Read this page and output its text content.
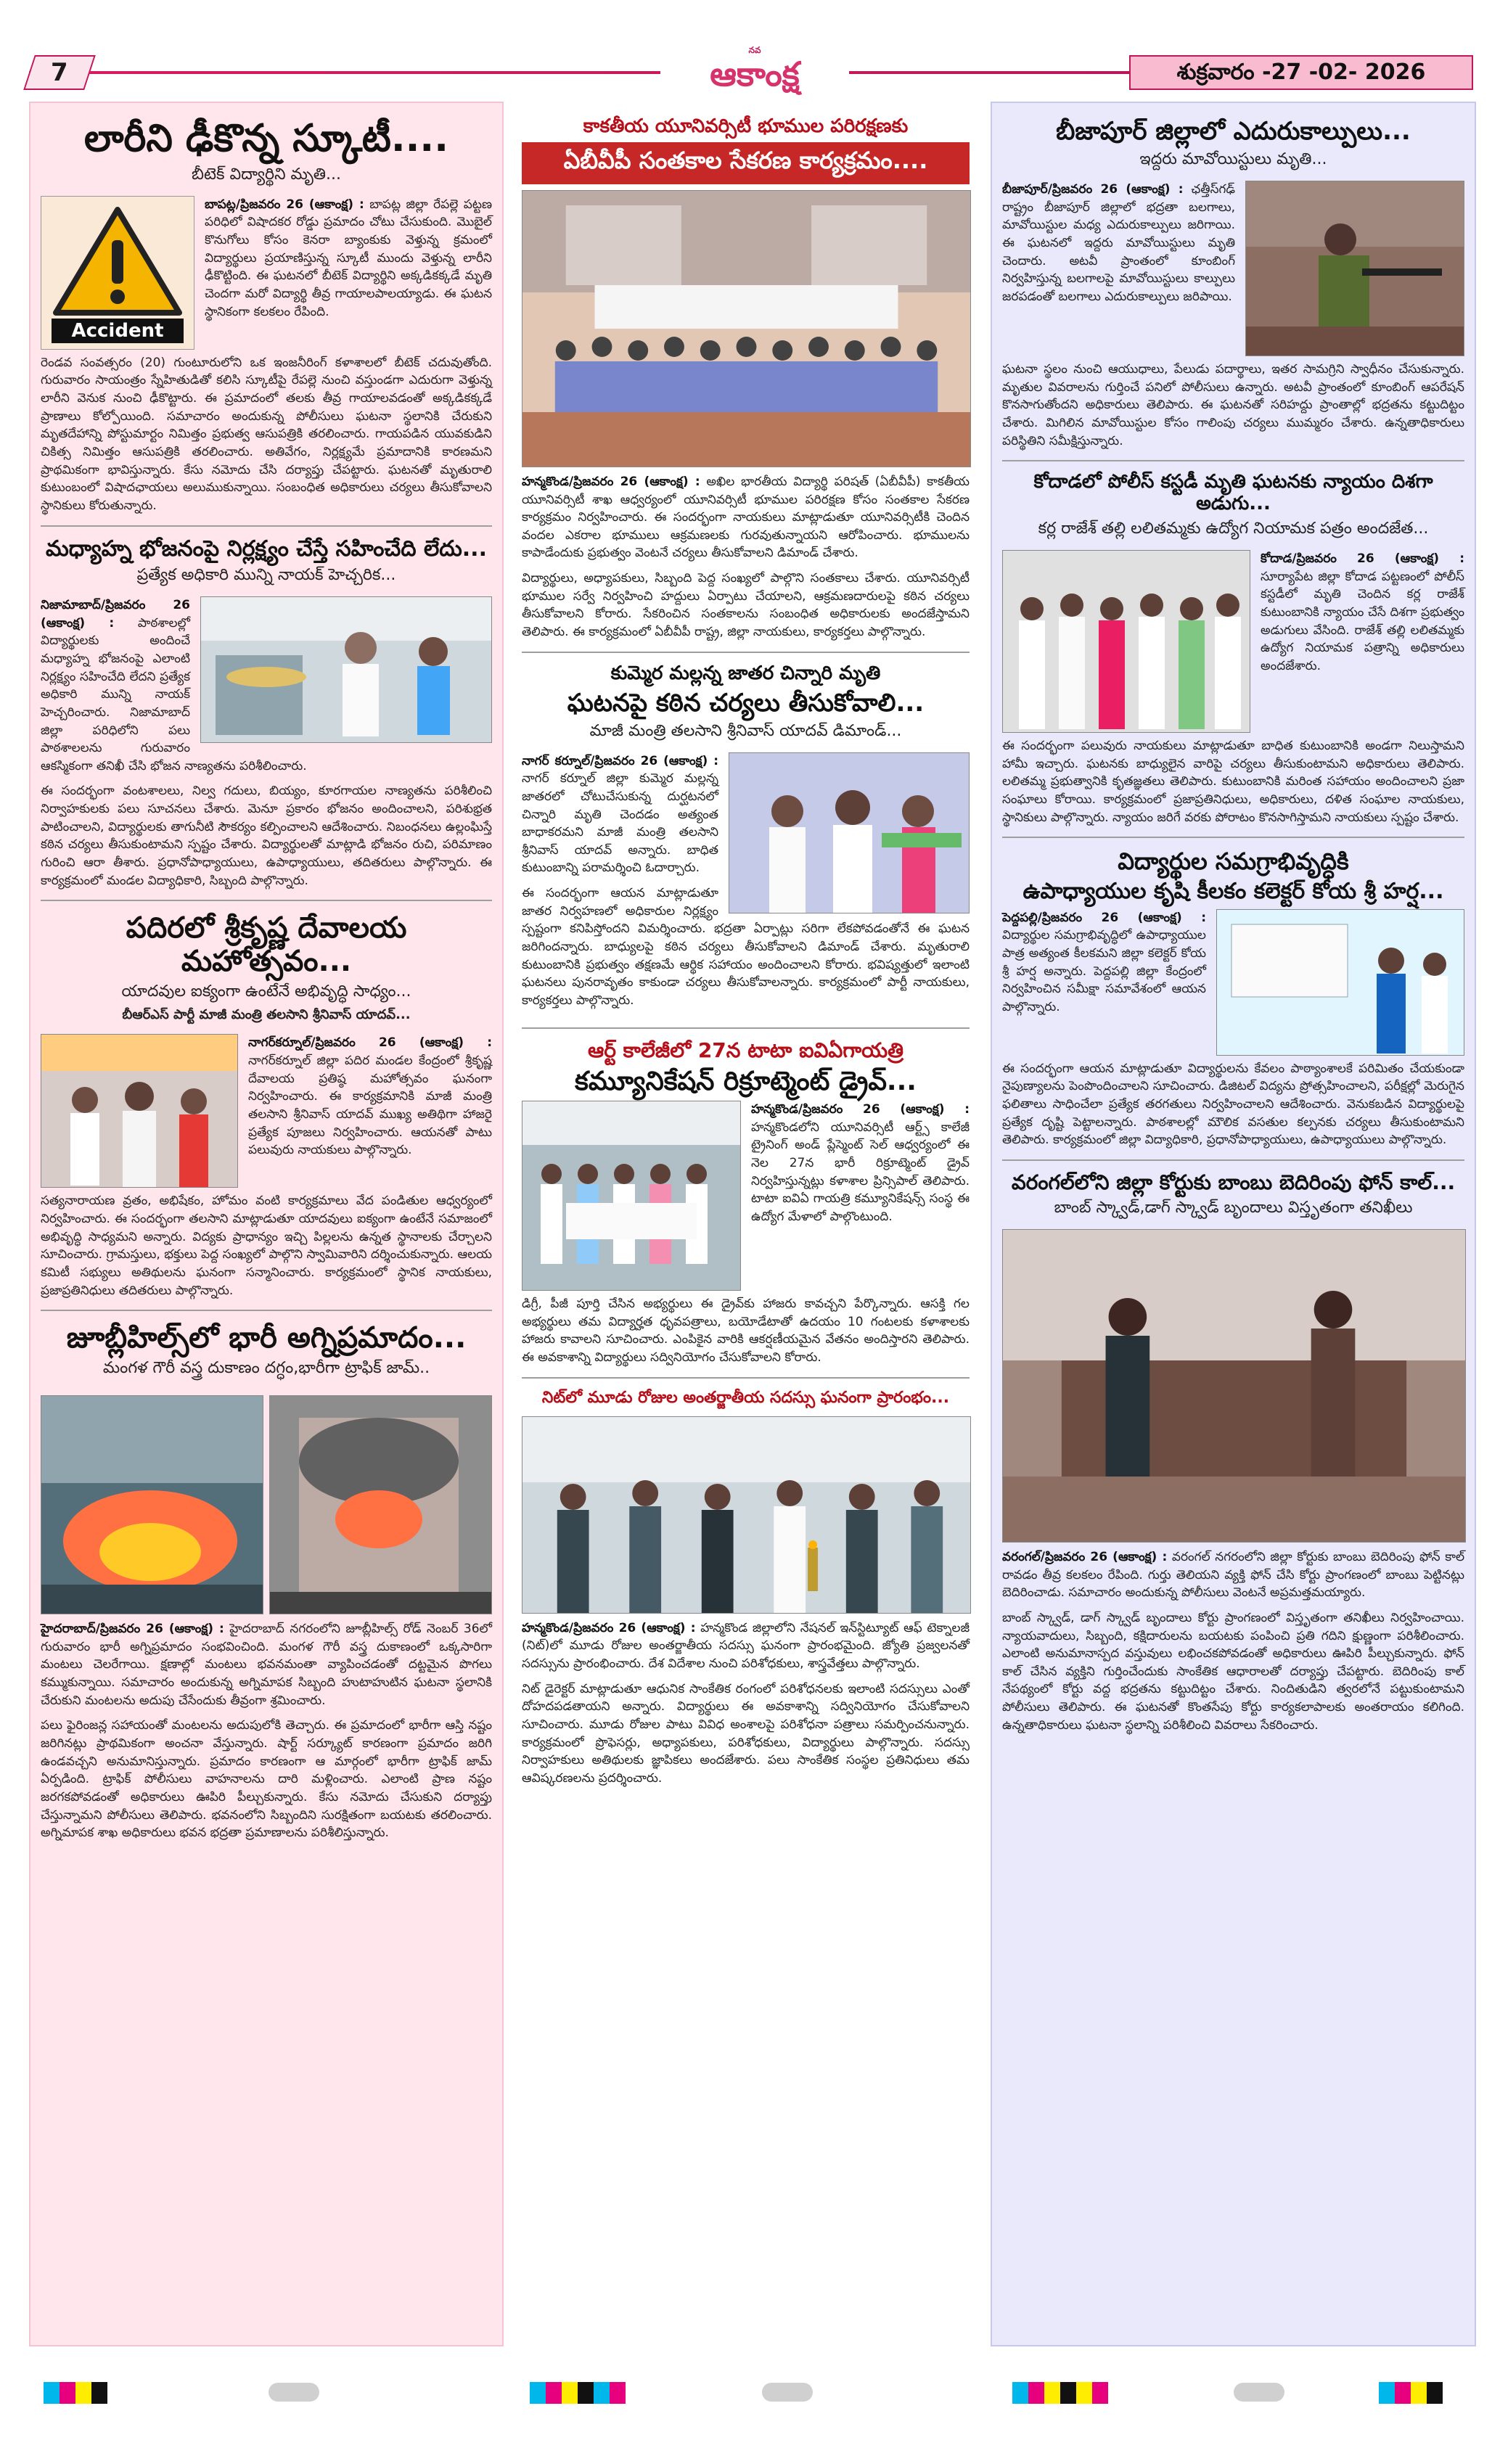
7
నవ
ఆకాంక్ష	శుక్రవారం -27 -02- 2026
లారీని ఢీకొన్న స్కూటీ....
బీటెక్ విద్యార్థిని మృతి...
Accident

బాపట్ల/ప్రిజవరం 26 (ఆకాంక్ష) : బాపట్ల జిల్లా రేపల్లె పట్టణ పరిధిలో విషాదకర రోడ్డు ప్రమాదం చోటు చేసుకుంది. మొబైల్ కొనుగోలు కోసం కెనరా బ్యాంకుకు వెళ్తున్న క్రమంలో విద్యార్థులు ప్రయాణిస్తున్న స్కూటీ ముందు వెళ్తున్న లారీని ఢీకొట్టింది. ఈ ఘటనలో బీటెక్ విద్యార్థిని అక్కడికక్కడే మృతి చెందగా మరో విద్యార్థి తీవ్ర గాయాలపాలయ్యాడు. ఈ ఘటన స్థానికంగా కలకలం రేపింది.

రెండవ సంవత్సరం (20) గుంటూరులోని ఒక ఇంజనీరింగ్ కళాశాలలో బీటెక్ చదువుతోంది. గురువారం సాయంత్రం స్నేహితుడితో కలిసి స్కూటీపై రేపల్లె నుంచి వస్తుండగా ఎదురుగా వెళ్తున్న లారీని వెనుక నుంచి ఢీకొట్టారు. ఈ ప్రమాదంలో తలకు తీవ్ర గాయాలవడంతో అక్కడికక్కడే ప్రాణాలు కోల్పోయింది. సమాచారం అందుకున్న పోలీసులు ఘటనా స్థలానికి చేరుకుని మృతదేహాన్ని పోస్టుమార్టం నిమిత్తం ప్రభుత్వ ఆసుపత్రికి తరలించారు. గాయపడిన యువకుడిని చికిత్స నిమిత్తం ఆసుపత్రికి తరలించారు. అతివేగం, నిర్లక్ష్యమే ప్రమాదానికి కారణమని ప్రాథమికంగా భావిస్తున్నారు. కేసు నమోదు చేసి దర్యాప్తు చేపట్టారు. ఘటనతో మృతురాలి కుటుంబంలో విషాదఛాయలు అలుముకున్నాయి. సంబంధిత అధికారులు చర్యలు తీసుకోవాలని స్థానికులు కోరుతున్నారు.

మధ్యాహ్న భోజనంపై నిర్లక్ష్యం చేస్తే సహించేది లేదు...
ప్రత్యేక అధికారి మున్ని నాయక్ హెచ్చరిక...

నిజామాబాద్/ప్రిజవరం 26 (ఆకాంక్ష) : పాఠశాలల్లో విద్యార్థులకు అందించే మధ్యాహ్న భోజనంపై ఎలాంటి నిర్లక్ష్యం సహించేది లేదని ప్రత్యేక అధికారి మున్ని నాయక్ హెచ్చరించారు. నిజామాబాద్ జిల్లా పరిధిలోని పలు పాఠశాలలను గురువారం ఆకస్మికంగా తనిఖీ చేసి భోజన నాణ్యతను పరిశీలించారు.

ఈ సందర్భంగా వంటశాలలు, నిల్వ గదులు, బియ్యం, కూరగాయల నాణ్యతను పరిశీలించి నిర్వాహకులకు పలు సూచనలు చేశారు. మెనూ ప్రకారం భోజనం అందించాలని, పరిశుభ్రత పాటించాలని, విద్యార్థులకు తాగునీటి సౌకర్యం కల్పించాలని ఆదేశించారు. నిబంధనలు ఉల్లంఘిస్తే కఠిన చర్యలు తీసుకుంటామని స్పష్టం చేశారు. విద్యార్థులతో మాట్లాడి భోజనం రుచి, పరిమాణం గురించి ఆరా తీశారు. ప్రధానోపాధ్యాయులు, ఉపాధ్యాయులు, తదితరులు పాల్గొన్నారు. ఈ కార్యక్రమంలో మండల విద్యాధికారి, సిబ్బంది పాల్గొన్నారు.

పదిరలో శ్రీకృష్ణ దేవాలయ మహోత్సవం...
యాదవుల ఐక్యంగా ఉంటేనే అభివృద్ధి సాధ్యం...
బీఆర్ఎస్ పార్టీ మాజీ మంత్రి తలసాని శ్రీనివాస్ యాదవ్...

నాగర్‌కర్నూల్/ప్రిజవరం 26 (ఆకాంక్ష) : నాగర్‌కర్నూల్ జిల్లా పదిర మండల కేంద్రంలో శ్రీకృష్ణ దేవాలయ ప్రతిష్ఠ మహోత్సవం ఘనంగా నిర్వహించారు. ఈ కార్యక్రమానికి మాజీ మంత్రి తలసాని శ్రీనివాస్ యాదవ్ ముఖ్య అతిథిగా హాజరై ప్రత్యేక పూజలు నిర్వహించారు. ఆయనతో పాటు పలువురు నాయకులు పాల్గొన్నారు.

సత్యనారాయణ వ్రతం, అభిషేకం, హోమం వంటి కార్యక్రమాలు వేద పండితుల ఆధ్వర్యంలో నిర్వహించారు. ఈ సందర్భంగా తలసాని మాట్లాడుతూ యాదవులు ఐక్యంగా ఉంటేనే సమాజంలో అభివృద్ధి సాధ్యమని అన్నారు. విద్యకు ప్రాధాన్యం ఇచ్చి పిల్లలను ఉన్నత స్థానాలకు చేర్చాలని సూచించారు. గ్రామస్తులు, భక్తులు పెద్ద సంఖ్యలో పాల్గొని స్వామివారిని దర్శించుకున్నారు. ఆలయ కమిటీ సభ్యులు అతిథులను ఘనంగా సన్మానించారు. కార్యక్రమంలో స్థానిక నాయకులు, ప్రజాప్రతినిధులు తదితరులు పాల్గొన్నారు.

జూబ్లీహిల్స్‌లో భారీ అగ్నిప్రమాదం...
మంగళ గౌరీ వస్త్ర దుకాణం దగ్ధం,భారీగా ట్రాఫిక్ జామ్..

హైదరాబాద్/ప్రిజవరం 26 (ఆకాంక్ష) : హైదరాబాద్ నగరంలోని జూబ్లీహిల్స్ రోడ్ నెంబర్ 36లో గురువారం భారీ అగ్నిప్రమాదం సంభవించింది. మంగళ గౌరీ వస్త్ర దుకాణంలో ఒక్కసారిగా మంటలు చెలరేగాయి. క్షణాల్లో మంటలు భవనమంతా వ్యాపించడంతో దట్టమైన పొగలు కమ్ముకున్నాయి. సమాచారం అందుకున్న అగ్నిమాపక సిబ్బంది హుటాహుటిన ఘటనా స్థలానికి చేరుకుని మంటలను అదుపు చేసేందుకు తీవ్రంగా శ్రమించారు.

పలు ఫైరింజన్ల సహాయంతో మంటలను అదుపులోకి తెచ్చారు. ఈ ప్రమాదంలో భారీగా ఆస్తి నష్టం జరిగినట్లు ప్రాథమికంగా అంచనా వేస్తున్నారు. షార్ట్ సర్క్యూట్ కారణంగా ప్రమాదం జరిగి ఉండవచ్చని అనుమానిస్తున్నారు. ప్రమాదం కారణంగా ఆ మార్గంలో భారీగా ట్రాఫిక్ జామ్ ఏర్పడింది. ట్రాఫిక్ పోలీసులు వాహనాలను దారి మళ్లించారు. ఎలాంటి ప్రాణ నష్టం జరగకపోవడంతో అధికారులు ఊపిరి పీల్చుకున్నారు. కేసు నమోదు చేసుకుని దర్యాప్తు చేస్తున్నామని పోలీసులు తెలిపారు. భవనంలోని సిబ్బందిని సురక్షితంగా బయటకు తరలించారు. అగ్నిమాపక శాఖ అధికారులు భవన భద్రతా ప్రమాణాలను పరిశీలిస్తున్నారు.

కాకతీయ యూనివర్సిటీ భూముల పరిరక్షణకు
ఏబీవీపీ సంతకాల సేకరణ కార్యక్రమం....

హన్మకొండ/ప్రిజవరం 26 (ఆకాంక్ష) : అఖిల భారతీయ విద్యార్థి పరిషత్ (ఏబీవీపీ) కాకతీయ యూనివర్సిటీ శాఖ ఆధ్వర్యంలో యూనివర్సిటీ భూముల పరిరక్షణ కోసం సంతకాల సేకరణ కార్యక్రమం నిర్వహించారు. ఈ సందర్భంగా నాయకులు మాట్లాడుతూ యూనివర్సిటీకి చెందిన వందల ఎకరాల భూములు ఆక్రమణలకు గురవుతున్నాయని ఆరోపించారు. భూములను కాపాడేందుకు ప్రభుత్వం వెంటనే చర్యలు తీసుకోవాలని డిమాండ్ చేశారు.

విద్యార్థులు, అధ్యాపకులు, సిబ్బంది పెద్ద సంఖ్యలో పాల్గొని సంతకాలు చేశారు. యూనివర్సిటీ భూముల సర్వే నిర్వహించి హద్దులు ఏర్పాటు చేయాలని, ఆక్రమణదారులపై కఠిన చర్యలు తీసుకోవాలని కోరారు. సేకరించిన సంతకాలను సంబంధిత అధికారులకు అందజేస్తామని తెలిపారు. ఈ కార్యక్రమంలో ఏబీవీపీ రాష్ట్ర, జిల్లా నాయకులు, కార్యకర్తలు పాల్గొన్నారు.

కుమ్మెర మల్లన్న జాతర చిన్నారి మృతి
ఘటనపై కఠిన చర్యలు తీసుకోవాలి...
మాజీ మంత్రి తలసాని శ్రీనివాస్ యాదవ్ డిమాండ్...

నాగర్ కర్నూల్/ప్రిజవరం 26 (ఆకాంక్ష) : నాగర్ కర్నూల్ జిల్లా కుమ్మెర మల్లన్న జాతరలో చోటుచేసుకున్న దుర్ఘటనలో చిన్నారి మృతి చెందడం అత్యంత బాధాకరమని మాజీ మంత్రి తలసాని శ్రీనివాస్ యాదవ్ అన్నారు. బాధిత కుటుంబాన్ని పరామర్శించి ఓదార్చారు.

ఈ సందర్భంగా ఆయన మాట్లాడుతూ జాతర నిర్వహణలో అధికారుల నిర్లక్ష్యం స్పష్టంగా కనిపిస్తోందని విమర్శించారు. భద్రతా ఏర్పాట్లు సరిగా లేకపోవడంతోనే ఈ ఘటన జరిగిందన్నారు. బాధ్యులపై కఠిన చర్యలు తీసుకోవాలని డిమాండ్ చేశారు. మృతురాలి కుటుంబానికి ప్రభుత్వం తక్షణమే ఆర్థిక సహాయం అందించాలని కోరారు. భవిష్యత్తులో ఇలాంటి ఘటనలు పునరావృతం కాకుండా చర్యలు తీసుకోవాలన్నారు. కార్యక్రమంలో పార్టీ నాయకులు, కార్యకర్తలు పాల్గొన్నారు.

ఆర్ట్ కాలేజీలో 27న టాటా ఐవిఏగాయత్రి
కమ్యూనికేషన్ రిక్రూట్మెంట్ డ్రైవ్...

హన్మకొండ/ప్రిజవరం 26 (ఆకాంక్ష) : హన్మకొండలోని యూనివర్సిటీ ఆర్ట్స్ కాలేజీ ట్రైనింగ్ అండ్ ప్లేస్మెంట్ సెల్ ఆధ్వర్యంలో ఈ నెల 27న భారీ రిక్రూట్మెంట్ డ్రైవ్ నిర్వహిస్తున్నట్లు కళాశాల ప్రిన్సిపాల్ తెలిపారు. టాటా ఐవిఏ గాయత్రి కమ్యూనికేషన్స్ సంస్థ ఈ ఉద్యోగ మేళాలో పాల్గొంటుంది.

డిగ్రీ, పీజీ పూర్తి చేసిన అభ్యర్థులు ఈ డ్రైవ్‌కు హాజరు కావచ్చని పేర్కొన్నారు. ఆసక్తి గల అభ్యర్థులు తమ విద్యార్హత ధృవపత్రాలు, బయోడేటాతో ఉదయం 10 గంటలకు కళాశాలకు హాజరు కావాలని సూచించారు. ఎంపికైన వారికి ఆకర్షణీయమైన వేతనం అందిస్తారని తెలిపారు. ఈ అవకాశాన్ని విద్యార్థులు సద్వినియోగం చేసుకోవాలని కోరారు.

నిట్‌లో మూడు రోజుల అంతర్జాతీయ సదస్సు ఘనంగా ప్రారంభం...

హన్మకొండ/ప్రిజవరం 26 (ఆకాంక్ష) : హన్మకొండ జిల్లాలోని నేషనల్ ఇన్‌స్టిట్యూట్ ఆఫ్ టెక్నాలజీ (నిట్)లో మూడు రోజుల అంతర్జాతీయ సదస్సు ఘనంగా ప్రారంభమైంది. జ్యోతి ప్రజ్వలనతో సదస్సును ప్రారంభించారు. దేశ విదేశాల నుంచి పరిశోధకులు, శాస్త్రవేత్తలు పాల్గొన్నారు.

నిట్ డైరెక్టర్ మాట్లాడుతూ ఆధునిక సాంకేతిక రంగంలో పరిశోధనలకు ఇలాంటి సదస్సులు ఎంతో దోహదపడతాయని అన్నారు. విద్యార్థులు ఈ అవకాశాన్ని సద్వినియోగం చేసుకోవాలని సూచించారు. మూడు రోజుల పాటు వివిధ అంశాలపై పరిశోధనా పత్రాలు సమర్పించనున్నారు. కార్యక్రమంలో ప్రొఫెసర్లు, అధ్యాపకులు, పరిశోధకులు, విద్యార్థులు పాల్గొన్నారు. సదస్సు నిర్వాహకులు అతిథులకు జ్ఞాపికలు అందజేశారు. పలు సాంకేతిక సంస్థల ప్రతినిధులు తమ ఆవిష్కరణలను ప్రదర్శించారు.

బీజాపూర్ జిల్లాలో ఎదురుకాల్పులు...
ఇద్దరు మావోయిస్టులు మృతి...

బీజాపూర్/ప్రిజవరం 26 (ఆకాంక్ష) : ఛత్తీస్‌గఢ్ రాష్ట్రం బీజాపూర్ జిల్లాలో భద్రతా బలగాలు, మావోయిస్టుల మధ్య ఎదురుకాల్పులు జరిగాయి. ఈ ఘటనలో ఇద్దరు మావోయిస్టులు మృతి చెందారు. అటవీ ప్రాంతంలో కూంబింగ్ నిర్వహిస్తున్న బలగాలపై మావోయిస్టులు కాల్పులు జరపడంతో బలగాలు ఎదురుకాల్పులు జరిపాయి.

ఘటనా స్థలం నుంచి ఆయుధాలు, పేలుడు పదార్థాలు, ఇతర సామగ్రిని స్వాధీనం చేసుకున్నారు. మృతుల వివరాలను గుర్తించే పనిలో పోలీసులు ఉన్నారు. అటవీ ప్రాంతంలో కూంబింగ్ ఆపరేషన్ కొనసాగుతోందని అధికారులు తెలిపారు. ఈ ఘటనతో సరిహద్దు ప్రాంతాల్లో భద్రతను కట్టుదిట్టం చేశారు. మిగిలిన మావోయిస్టుల కోసం గాలింపు చర్యలు ముమ్మరం చేశారు. ఉన్నతాధికారులు పరిస్థితిని సమీక్షిస్తున్నారు.

కోదాడలో పోలీస్ కస్టడీ మృతి ఘటనకు న్యాయం దిశగా అడుగు...
కర్ల రాజేశ్ తల్లి లలితమ్మకు ఉద్యోగ నియామక పత్రం అందజేత...

కోదాడ/ప్రిజవరం 26 (ఆకాంక్ష) : సూర్యాపేట జిల్లా కోదాడ పట్టణంలో పోలీస్ కస్టడీలో మృతి చెందిన కర్ల రాజేశ్ కుటుంబానికి న్యాయం చేసే దిశగా ప్రభుత్వం అడుగులు వేసింది. రాజేశ్ తల్లి లలితమ్మకు ఉద్యోగ నియామక పత్రాన్ని అధికారులు అందజేశారు.

ఈ సందర్భంగా పలువురు నాయకులు మాట్లాడుతూ బాధిత కుటుంబానికి అండగా నిలుస్తామని హామీ ఇచ్చారు. ఘటనకు బాధ్యులైన వారిపై చర్యలు తీసుకుంటామని అధికారులు తెలిపారు. లలితమ్మ ప్రభుత్వానికి కృతజ్ఞతలు తెలిపారు. కుటుంబానికి మరింత సహాయం అందించాలని ప్రజా సంఘాలు కోరాయి. కార్యక్రమంలో ప్రజాప్రతినిధులు, అధికారులు, దళిత సంఘాల నాయకులు, స్థానికులు పాల్గొన్నారు. న్యాయం జరిగే వరకు పోరాటం కొనసాగిస్తామని నాయకులు స్పష్టం చేశారు.

విద్యార్థుల సమగ్రాభివృద్ధికి
ఉపాధ్యాయుల కృషి కీలకం కలెక్టర్ కోయ శ్రీ హర్ష...

పెద్దపల్లి/ప్రిజవరం 26 (ఆకాంక్ష) : విద్యార్థుల సమగ్రాభివృద్ధిలో ఉపాధ్యాయుల పాత్ర అత్యంత కీలకమని జిల్లా కలెక్టర్ కోయ శ్రీ హర్ష అన్నారు. పెద్దపల్లి జిల్లా కేంద్రంలో నిర్వహించిన సమీక్షా సమావేశంలో ఆయన పాల్గొన్నారు.

ఈ సందర్భంగా ఆయన మాట్లాడుతూ విద్యార్థులను కేవలం పాఠ్యాంశాలకే పరిమితం చేయకుండా నైపుణ్యాలను పెంపొందించాలని సూచించారు. డిజిటల్ విద్యను ప్రోత్సహించాలని, పరీక్షల్లో మెరుగైన ఫలితాలు సాధించేలా ప్రత్యేక తరగతులు నిర్వహించాలని ఆదేశించారు. వెనుకబడిన విద్యార్థులపై ప్రత్యేక దృష్టి పెట్టాలన్నారు. పాఠశాలల్లో మౌలిక వసతుల కల్పనకు చర్యలు తీసుకుంటామని తెలిపారు. కార్యక్రమంలో జిల్లా విద్యాధికారి, ప్రధానోపాధ్యాయులు, ఉపాధ్యాయులు పాల్గొన్నారు.

వరంగల్‌లోని జిల్లా కోర్టుకు బాంబు బెదిరింపు ఫోన్ కాల్...
బాంబ్ స్క్వాడ్,డాగ్ స్క్వాడ్ బృందాలు విస్తృతంగా తనిఖీలు

వరంగల్/ప్రిజవరం 26 (ఆకాంక్ష) : వరంగల్ నగరంలోని జిల్లా కోర్టుకు బాంబు బెదిరింపు ఫోన్ కాల్ రావడం తీవ్ర కలకలం రేపింది. గుర్తు తెలియని వ్యక్తి ఫోన్ చేసి కోర్టు ప్రాంగణంలో బాంబు పెట్టినట్లు బెదిరించాడు. సమాచారం అందుకున్న పోలీసులు వెంటనే అప్రమత్తమయ్యారు.

బాంబ్ స్క్వాడ్, డాగ్ స్క్వాడ్ బృందాలు కోర్టు ప్రాంగణంలో విస్తృతంగా తనిఖీలు నిర్వహించాయి. న్యాయవాదులు, సిబ్బంది, కక్షిదారులను బయటకు పంపించి ప్రతి గదిని క్షుణ్ణంగా పరిశీలించారు. ఎలాంటి అనుమానాస్పద వస్తువులు లభించకపోవడంతో అధికారులు ఊపిరి పీల్చుకున్నారు. ఫోన్ కాల్ చేసిన వ్యక్తిని గుర్తించేందుకు సాంకేతిక ఆధారాలతో దర్యాప్తు చేపట్టారు. బెదిరింపు కాల్ నేపథ్యంలో కోర్టు వద్ద భద్రతను కట్టుదిట్టం చేశారు. నిందితుడిని త్వరలోనే పట్టుకుంటామని పోలీసులు తెలిపారు. ఈ ఘటనతో కొంతసేపు కోర్టు కార్యకలాపాలకు అంతరాయం కలిగింది. ఉన్నతాధికారులు ఘటనా స్థలాన్ని పరిశీలించి వివరాలు సేకరించారు.
